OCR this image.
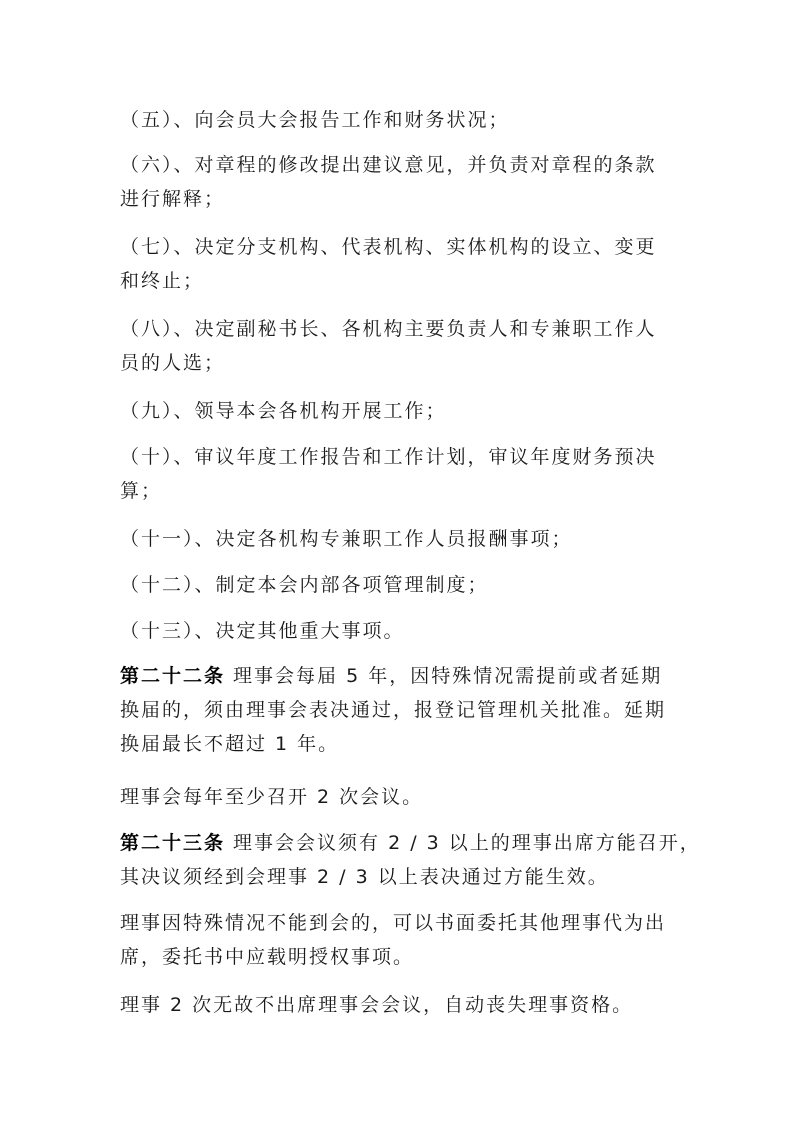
（五）、向会员大会报告工作和财务状况；

（六）、对章程的修改提出建议意见，并负责对章程的条款
进行解释；

（七）、决定分支机构、代表机构、实体机构的设立、变更
和终止；

（八）、决定副秘书长、各机构主要负责人和专兼职工作人
员的人选；

（九）、领导本会各机构开展工作；

（十）、审议年度工作报告和工作计划，审议年度财务预决
算；

（十一）、决定各机构专兼职工作人员报酬事项；

（十二）、制定本会内部各项管理制度；

（十三）、决定其他重大事项。

第二十二条 理事会每届 5 年，因特殊情况需提前或者延期
换届的，须由理事会表决通过，报登记管理机关批准。延期
换届最长不超过 1 年。

理事会每年至少召开 2 次会议。

第二十三条 理事会会议须有 2 / 3 以上的理事出席方能召开，
其决议须经到会理事 2 / 3 以上表决通过方能生效。

理事因特殊情况不能到会的，可以书面委托其他理事代为出
席，委托书中应载明授权事项。

理事 2 次无故不出席理事会会议，自动丧失理事资格。
